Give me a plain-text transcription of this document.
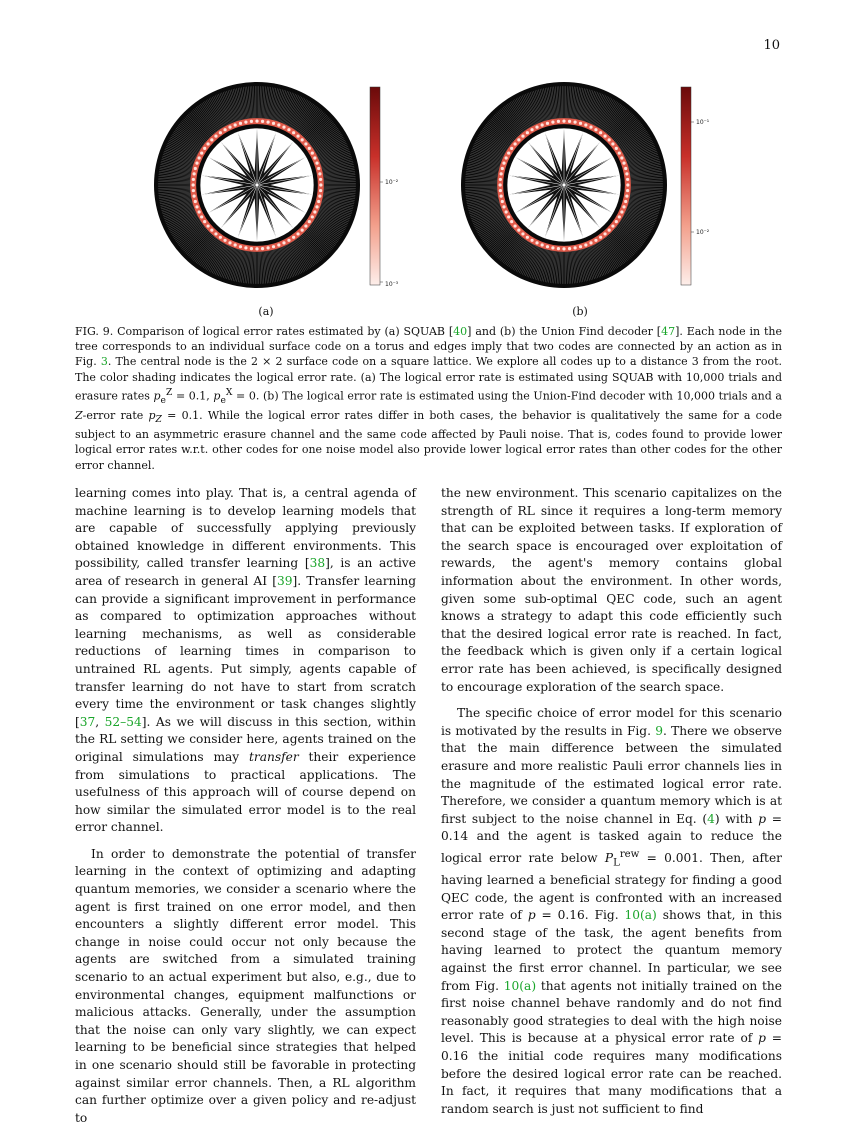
10
10⁻²
10⁻³
10⁻¹
10⁻²
(a)	(b)

FIG. 9. Comparison of logical error rates estimated by (a) SQUAB [40] and (b) the Union Find decoder [47]. Each node in the tree corresponds to an individual surface code on a torus and edges imply that two codes are connected by an action as in Fig. 3. The central node is the 2 × 2 surface code on a square lattice. We explore all codes up to a distance 3 from the root. The color shading indicates the logical error rate. (a) The logical error rate is estimated using SQUAB with 10,000 trials and erasure rates $p_e^Z = 0.1$, $p_e^X = 0$. (b) The logical error rate is estimated using the Union-Find decoder with 10,000 trials and a Z-error rate $p_Z = 0.1$. While the logical error rates differ in both cases, the behavior is qualitatively the same for a code subject to an asymmetric erasure channel and the same code affected by Pauli noise. That is, codes found to provide lower logical error rates w.r.t. other codes for one noise model also provide lower logical error rates than other codes for the other error channel.

learning comes into play. That is, a central agenda of machine learning is to develop learning models that are capable of successfully applying previously obtained knowledge in different environments. This possibility, called transfer learning [38], is an active area of research in general AI [39]. Transfer learning can provide a significant improvement in performance as compared to optimization approaches without learning mechanisms, as well as considerable reductions of learning times in comparison to untrained RL agents. Put simply, agents capable of transfer learning do not have to start from scratch every time the environment or task changes slightly [37, 52–54]. As we will discuss in this section, within the RL setting we consider here, agents trained on the original simulations may transfer their experience from simulations to practical applications. The usefulness of this approach will of course depend on how similar the simulated error model is to the real error channel.

In order to demonstrate the potential of transfer learning in the context of optimizing and adapting quantum memories, we consider a scenario where the agent is first trained on one error model, and then encounters a slightly different error model. This change in noise could occur not only because the agents are switched from a simulated training scenario to an actual experiment but also, e.g., due to environmental changes, equipment malfunctions or malicious attacks. Generally, under the assumption that the noise can only vary slightly, we can expect learning to be beneficial since strategies that helped in one scenario should still be favorable in protecting against similar error channels. Then, a RL algorithm can further optimize over a given policy and re-adjust to

the new environment. This scenario capitalizes on the strength of RL since it requires a long-term memory that can be exploited between tasks. If exploration of the search space is encouraged over exploitation of rewards, the agent's memory contains global information about the environment. In other words, given some sub-optimal QEC code, such an agent knows a strategy to adapt this code efficiently such that the desired logical error rate is reached. In fact, the feedback which is given only if a certain logical error rate has been achieved, is specifically designed to encourage exploration of the search space.

The specific choice of error model for this scenario is motivated by the results in Fig. 9. There we observe that the main difference between the simulated erasure and more realistic Pauli error channels lies in the magnitude of the estimated logical error rate. Therefore, we consider a quantum memory which is at first subject to the noise channel in Eq. (4) with p = 0.14 and the agent is tasked again to reduce the logical error rate below $P_L^{rew} = 0.001$. Then, after having learned a beneficial strategy for finding a good QEC code, the agent is confronted with an increased error rate of p = 0.16. Fig. 10(a) shows that, in this second stage of the task, the agent benefits from having learned to protect the quantum memory against the first error channel. In particular, we see from Fig. 10(a) that agents not initially trained on the first noise channel behave randomly and do not find reasonably good strategies to deal with the high noise level. This is because at a physical error rate of p = 0.16 the initial code requires many modifications before the desired logical error rate can be reached. In fact, it requires that many modifications that a random search is just not sufficient to find
